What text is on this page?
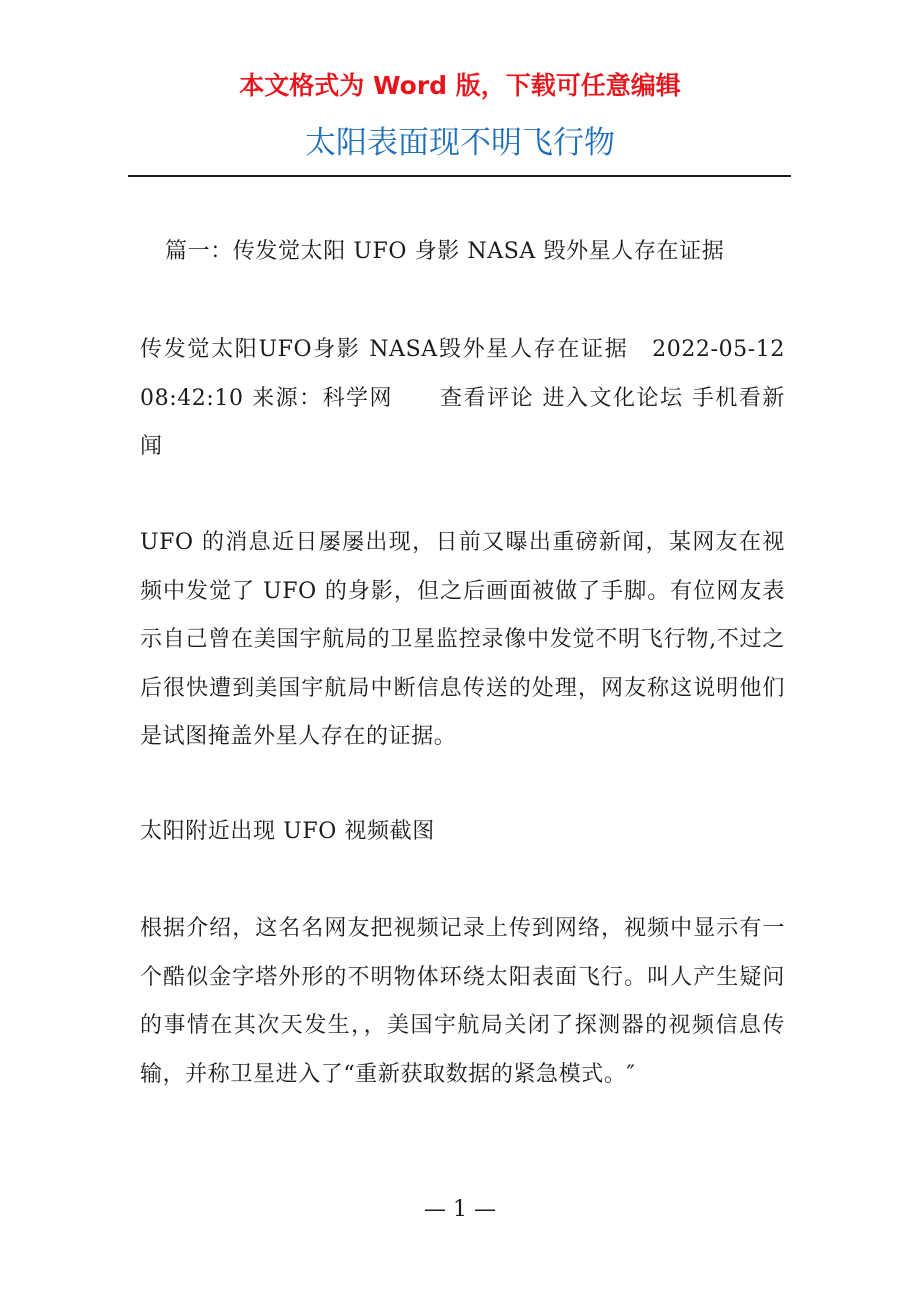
本文格式为 Word 版，下载可任意编辑
太阳表面现不明飞行物

篇一：传发觉太阳 UFO 身影 NASA 毁外星人存在证据

传发觉太阳UFO身影 NASA毁外星人存在证据　2022-05-12 08:42:10 来源：科学网　　查看评论 进入文化论坛 手机看新闻

UFO 的消息近日屡屡出现，日前又曝出重磅新闻，某网友在视频中发觉了 UFO 的身影，但之后画面被做了手脚。有位网友表示自己曾在美国宇航局的卫星监控录像中发觉不明飞行物,不过之后很快遭到美国宇航局中断信息传送的处理，网友称这说明他们是试图掩盖外星人存在的证据。

太阳附近出现 UFO 视频截图

根据介绍，这名名网友把视频记录上传到网络，视频中显示有一个酷似金字塔外形的不明物体环绕太阳表面飞行。叫人产生疑问的事情在其次天发生，，美国宇航局关闭了探测器的视频信息传输，并称卫星进入了“重新获取数据的紧急模式。″

— 1 —
